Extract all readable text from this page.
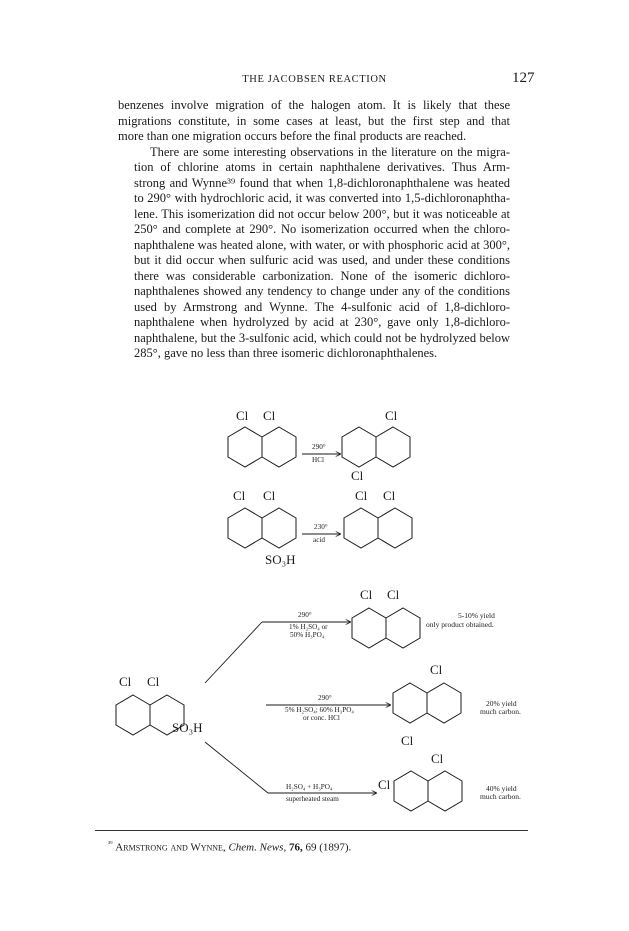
THE JACOBSEN REACTION	127

benzenes involve migration of the halogen atom. It is likely that these
migrations constitute, in some cases at least, but the first step and that
more than one migration occurs before the final products are reached.

There are some interesting observations in the literature on the migra-
tion of chlorine atoms in certain naphthalene derivatives. Thus Arm-
strong and Wynne³⁹ found that when 1,8-dichloronaphthalene was heated
to 290° with hydrochloric acid, it was converted into 1,5-dichloronaphtha-
lene. This isomerization did not occur below 200°, but it was noticeable at
250° and complete at 290°. No isomerization occurred when the chloro-
naphthalene was heated alone, with water, or with phosphoric acid at 300°,
but it did occur when sulfuric acid was used, and under these conditions
there was considerable carbonization. None of the isomeric dichloro-
naphthalenes showed any tendency to change under any of the conditions
used by Armstrong and Wynne. The 4-sulfonic acid of 1,8-dichloro-
naphthalene when hydrolyzed by acid at 230°, gave only 1,8-dichloro-
naphthalene, but the 3-sulfonic acid, which could not be hydrolyzed below
285°, gave no less than three isomeric dichloronaphthalenes.

Cl Cl
290°
HCl
Cl
Cl
Cl Cl
SO₃H
230°
acid
Cl Cl
Cl Cl
SO₃H
290°
1% H₂SO₄ or
50% H₃PO₄
Cl Cl
5-10% yield
only product obtained.
290°
5% H₂SO₄; 60% H₃PO₄
or conc. HCl
Cl
Cl
20% yield
much carbon.
H₂SO₄ + H₃PO₄
superheated steam
Cl
Cl
40% yield
much carbon.
$^{^{39}}$ Armstrong and Wynne, Chem. News, 76, 69 (1897).
